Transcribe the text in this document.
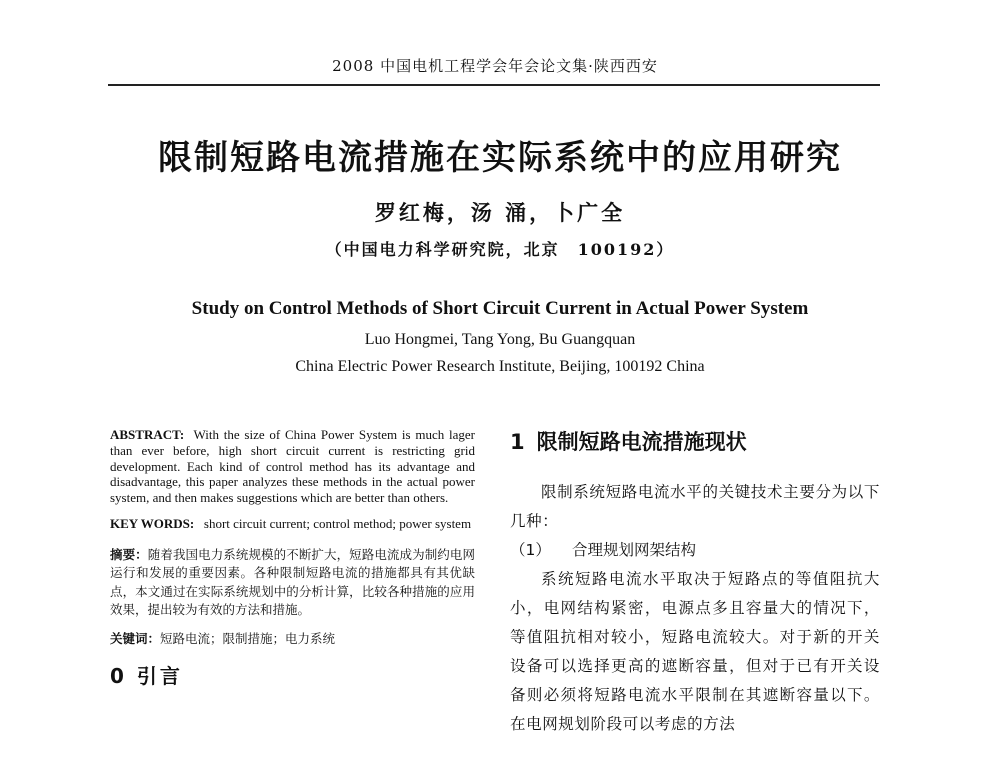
2008 中国电机工程学会年会论文集·陕西西安
限制短路电流措施在实际系统中的应用研究
罗红梅，汤 涌，卜广全
（中国电力科学研究院，北京　100192）
Study on Control Methods of Short Circuit Current in Actual Power System
Luo Hongmei, Tang Yong, Bu Guangquan
China Electric Power Research Institute, Beijing, 100192 China

ABSTRACT: With the size of China Power System is much lager than ever before, high short circuit current is restricting grid development. Each kind of control method has its advantage and disadvantage, this paper analyzes these methods in the actual power system, and then makes suggestions which are better than others.

KEY WORDS: short circuit current; control method; power system

摘要：随着我国电力系统规模的不断扩大，短路电流成为制约电网运行和发展的重要因素。各种限制短路电流的措施都具有其优缺点，本文通过在实际系统规划中的分析计算，比较各种措施的应用效果，提出较为有效的方法和措施。

关键词：短路电流；限制措施；电力系统

0 引言
1 限制短路电流措施现状

限制系统短路电流水平的关键技术主要分为以下几种：

（1） 合理规划网架结构

系统短路电流水平取决于短路点的等值阻抗大小，电网结构紧密，电源点多且容量大的情况下，等值阻抗相对较小，短路电流较大。对于新的开关设备可以选择更高的遮断容量，但对于已有开关设备则必须将短路电流水平限制在其遮断容量以下。在电网规划阶段可以考虑的方法
